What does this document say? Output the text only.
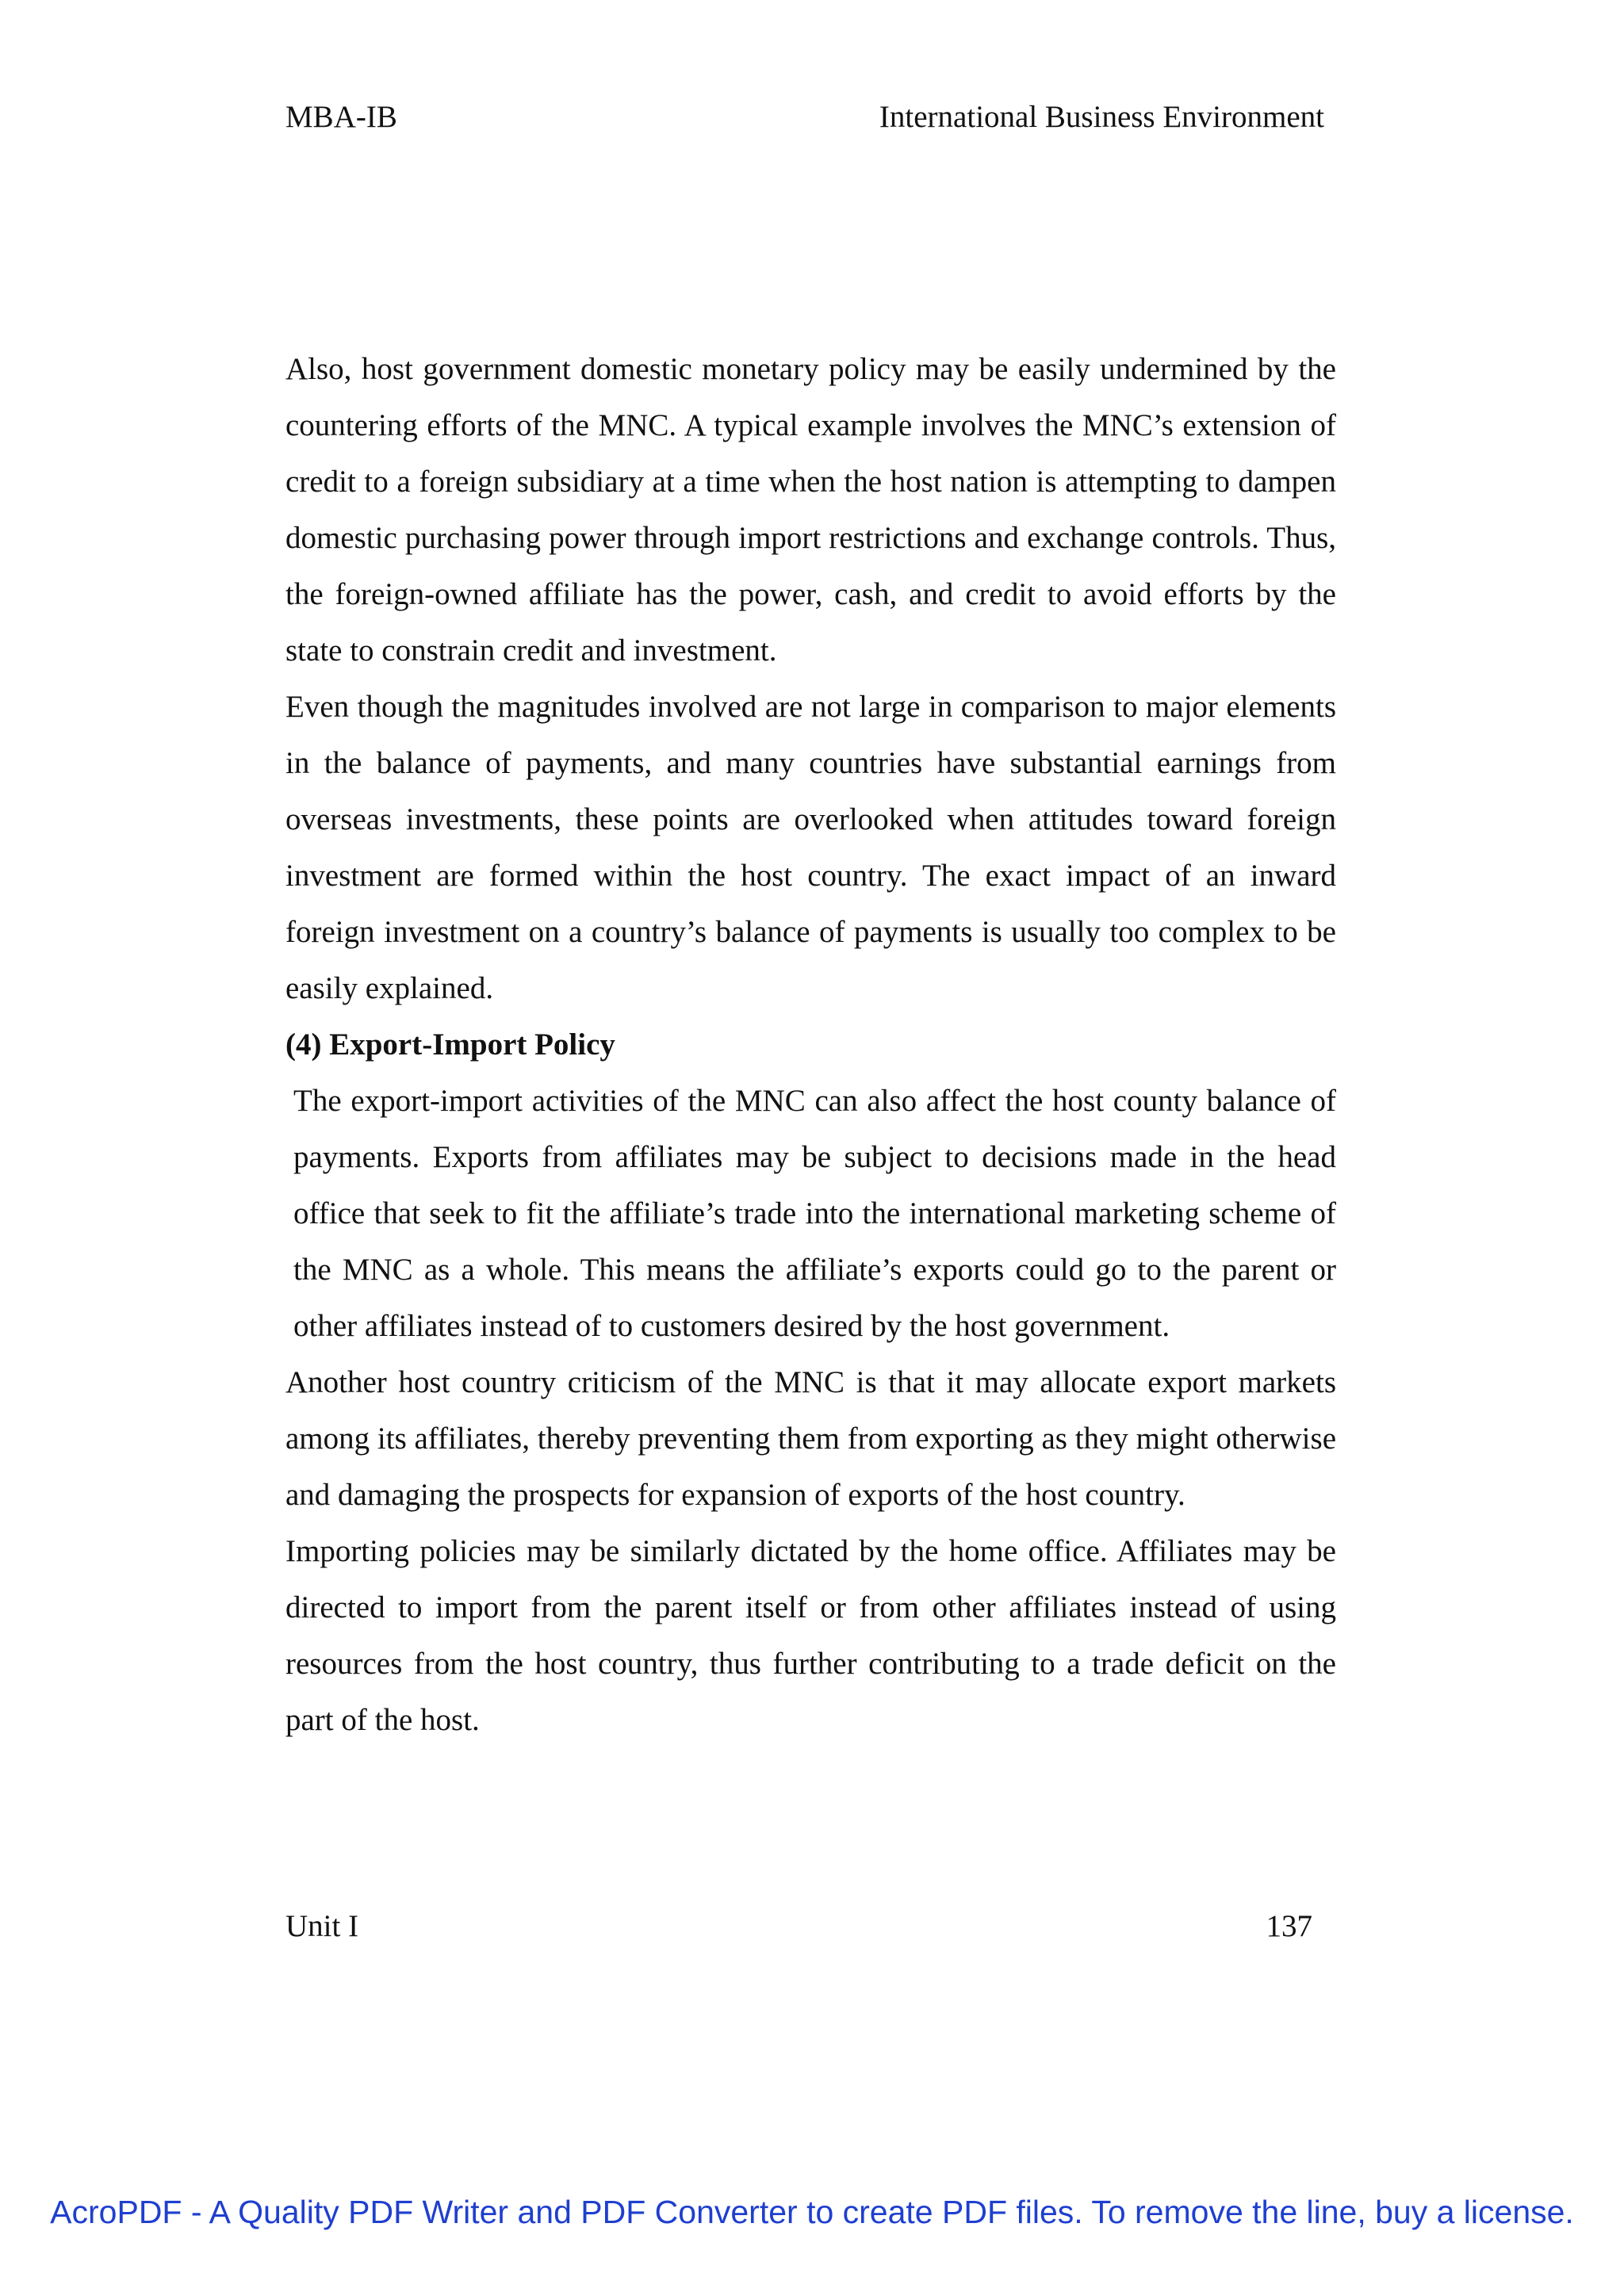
MBA-IB	International Business Environment

Also, host government domestic monetary policy may be easily undermined by the countering efforts of the MNC. A typical example involves the MNC’s extension of credit to a foreign subsidiary at a time when the host nation is attempting to dampen domestic purchasing power through import restrictions and exchange controls. Thus, the foreign-owned affiliate has the power, cash, and credit to avoid efforts by the state to constrain credit and investment.

Even though the magnitudes involved are not large in comparison to major elements in the balance of payments, and many countries have substantial earnings from overseas investments, these points are overlooked when attitudes toward foreign investment are formed within the host country. The exact impact of an inward foreign investment on a country’s balance of payments is usually too complex to be easily explained.

(4) Export-Import Policy

The export-import activities of the MNC can also affect the host county balance of payments. Exports from affiliates may be subject to decisions made in the head office that seek to fit the affiliate’s trade into the international marketing scheme of the MNC as a whole. This means the affiliate’s exports could go to the parent or other affiliates instead of to customers desired by the host government.

Another host country criticism of the MNC is that it may allocate export markets among its affiliates, thereby preventing them from exporting as they might otherwise and damaging the prospects for expansion of exports of the host country.

Importing policies may be similarly dictated by the home office. Affiliates may be directed to import from the parent itself or from other affiliates instead of using resources from the host country, thus further contributing to a trade deficit on the part of the host.

Unit I	137
AcroPDF - A Quality PDF Writer and PDF Converter to create PDF files. To remove the line, buy a license.
